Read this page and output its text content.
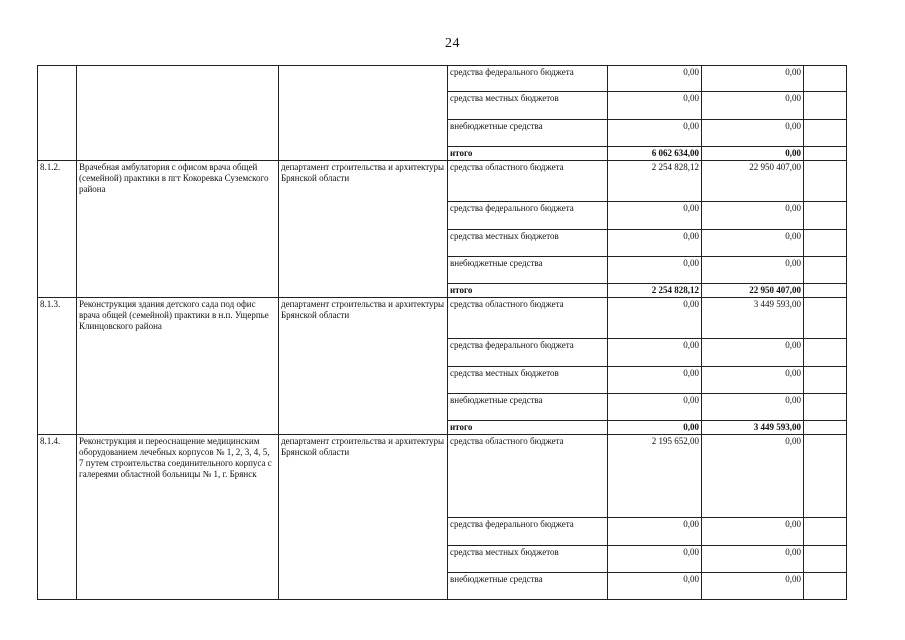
24
			средства федерального бюджета	0,00	0,00	
			средства местных бюджетов	0,00	0,00	
			внебюджетные средства	0,00	0,00	
			итого	6 062 634,00	0,00	
8.1.2.	Врачебная амбулатория с офисом врача общей (семейной) практики в пгт Кокоревка Суземского района	департамент строительства и архитектуры Брянской области	средства областного бюджета	2 254 828,12	22 950 407,00	
			средства федерального бюджета	0,00	0,00	
			средства местных бюджетов	0,00	0,00	
			внебюджетные средства	0,00	0,00	
			итого	2 254 828,12	22 950 407,00	
8.1.3.	Реконструкция здания детского сада под офис врача общей (семейной) практики в н.п. Ущерпье Клинцовского района	департамент строительства и архитектуры Брянской области	средства областного бюджета	0,00	3 449 593,00	
			средства федерального бюджета	0,00	0,00	
			средства местных бюджетов	0,00	0,00	
			внебюджетные средства	0,00	0,00	
			итого	0,00	3 449 593,00	
8.1.4.	Реконструкция и переоснащение медицинским оборудованием лечебных корпусов № 1, 2, 3, 4, 5, 7 путем строительства соединительного корпуса с галереями областной больницы № 1, г. Брянск	департамент строительства и архитектуры Брянской области	средства областного бюджета	2 195 652,00	0,00	
			средства федерального бюджета	0,00	0,00	
			средства местных бюджетов	0,00	0,00	
			внебюджетные средства	0,00	0,00	
